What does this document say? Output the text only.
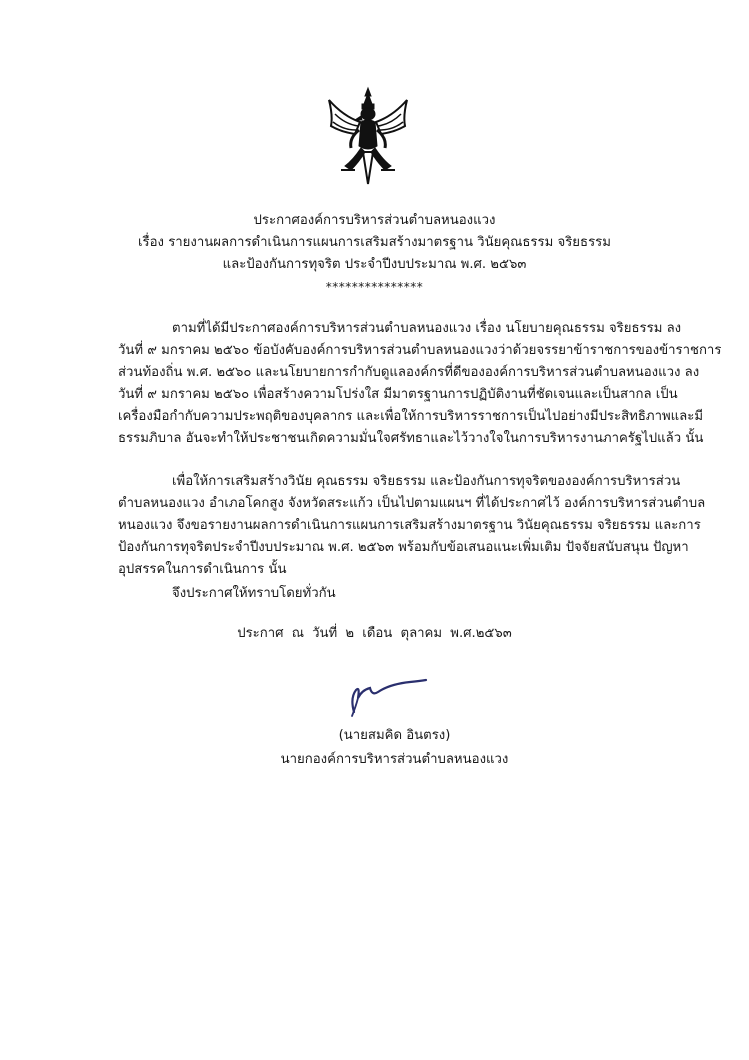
ประกาศองค์การบริหารส่วนตำบลหนองแวง
เรื่อง รายงานผลการดำเนินการแผนการเสริมสร้างมาตรฐาน วินัยคุณธรรม จริยธรรม
และป้องกันการทุจริต ประจำปีงบประมาณ พ.ศ. ๒๕๖๓
***************
ตามที่ได้มีประกาศองค์การบริหารส่วนตำบลหนองแวง เรื่อง นโยบายคุณธรรม จริยธรรม ลง
วันที่ ๙ มกราคม ๒๕๖๐ ข้อบังคับองค์การบริหารส่วนตำบลหนองแวงว่าด้วยจรรยาข้าราชการของข้าราชการ
ส่วนท้องถิ่น พ.ศ. ๒๕๖๐ และนโยบายการกำกับดูแลองค์กรที่ดีขององค์การบริหารส่วนตำบลหนองแวง ลง
วันที่ ๙ มกราคม ๒๕๖๐ เพื่อสร้างความโปร่งใส มีมาตรฐานการปฏิบัติงานที่ชัดเจนและเป็นสากล เป็น
เครื่องมือกำกับความประพฤติของบุคลากร และเพื่อให้การบริหารราชการเป็นไปอย่างมีประสิทธิภาพและมี
ธรรมภิบาล อันจะทำให้ประชาชนเกิดความมั่นใจศรัทธาและไว้วางใจในการบริหารงานภาครัฐไปแล้ว นั้น
เพื่อให้การเสริมสร้างวินัย คุณธรรม จริยธรรม และป้องกันการทุจริตขององค์การบริหารส่วน
ตำบลหนองแวง อำเภอโคกสูง จังหวัดสระแก้ว เป็นไปตามแผนฯ ที่ได้ประกาศไว้ องค์การบริหารส่วนตำบล
หนองแวง จึงขอรายงานผลการดำเนินการแผนการเสริมสร้างมาตรฐาน วินัยคุณธรรม จริยธรรม และการ
ป้องกันการทุจริตประจำปีงบประมาณ พ.ศ. ๒๕๖๓ พร้อมกับข้อเสนอแนะเพิ่มเติม ปัจจัยสนับสนุน ปัญหา
อุปสรรคในการดำเนินการ นั้น
จึงประกาศให้ทราบโดยทั่วกัน
ประกาศ ณ วันที่ ๒ เดือน ตุลาคม พ.ศ.๒๕๖๓
(นายสมคิด อินตรง)
นายกองค์การบริหารส่วนตำบลหนองแวง
